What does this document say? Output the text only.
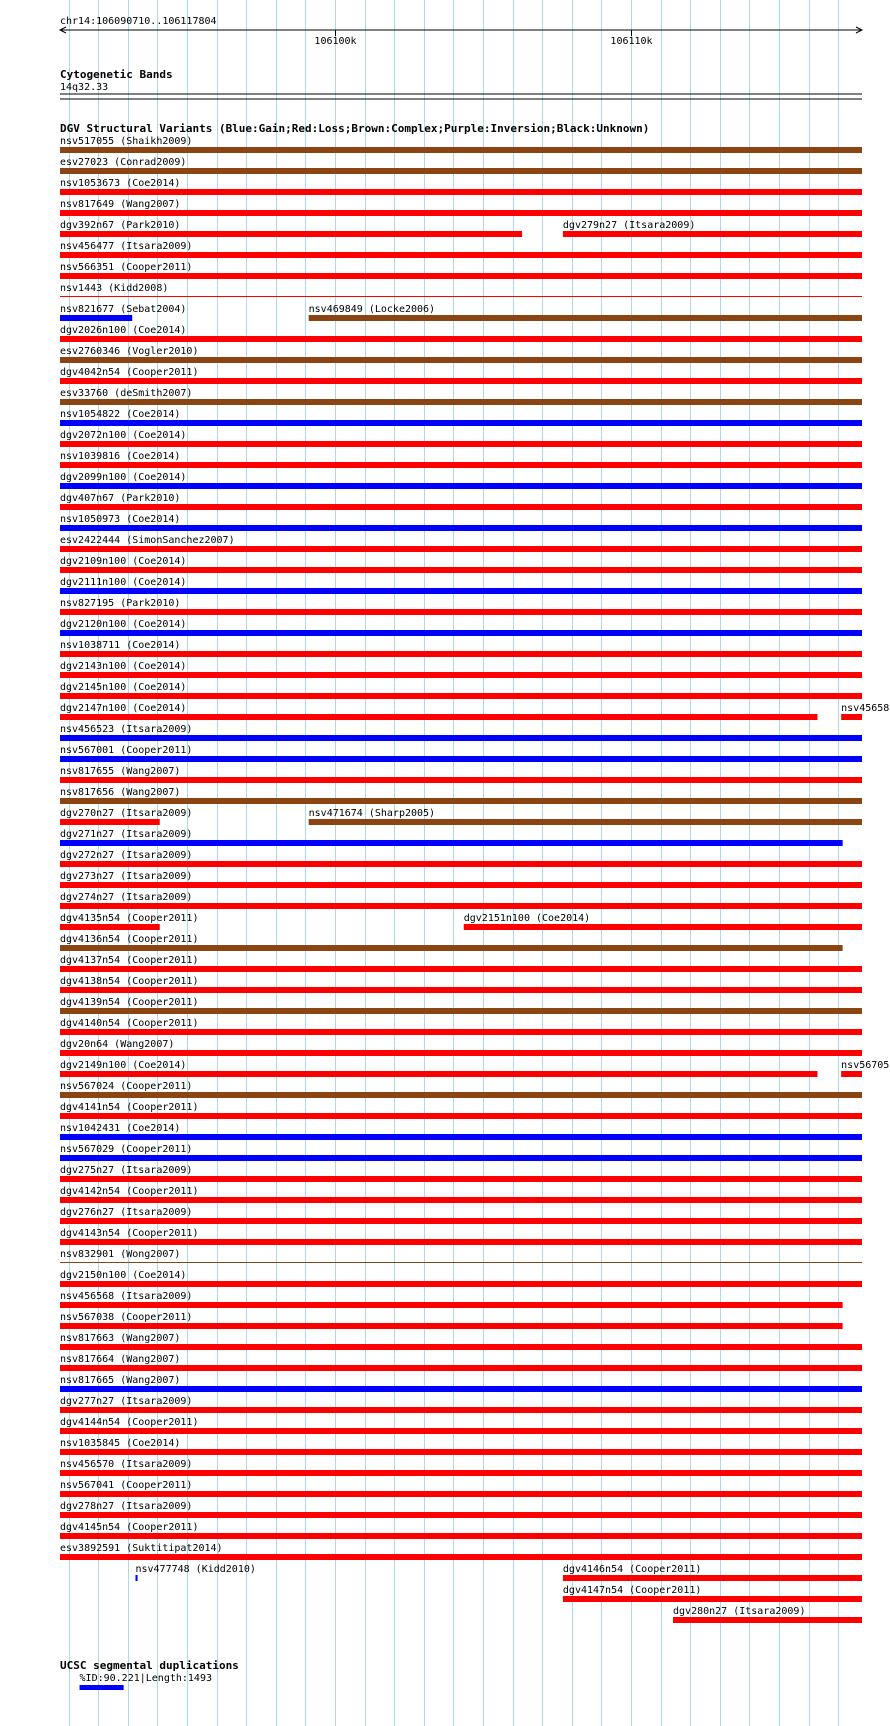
chr14:106090710..106117804
106100k	106110k
Cytogenetic Bands
14q32.33
DGV Structural Variants (Blue:Gain;Red:Loss;Brown:Complex;Purple:Inversion;Black:Unknown)
nsv517055 (Shaikh2009)
esv27023 (Conrad2009)
nsv1053673 (Coe2014)
nsv817649 (Wang2007)
dgv392n67 (Park2010)	dgv279n27 (Itsara2009)
nsv456477 (Itsara2009)
nsv566351 (Cooper2011)
nsv1443 (Kidd2008)
nsv821677 (Sebat2004)	nsv469849 (Locke2006)
dgv2026n100 (Coe2014)
esv2760346 (Vogler2010)
dgv4042n54 (Cooper2011)
esv33760 (deSmith2007)
nsv1054822 (Coe2014)
dgv2072n100 (Coe2014)
nsv1039816 (Coe2014)
dgv2099n100 (Coe2014)
dgv407n67 (Park2010)
nsv1050973 (Coe2014)
esv2422444 (SimonSanchez2007)
dgv2109n100 (Coe2014)
dgv2111n100 (Coe2014)
nsv827195 (Park2010)
dgv2120n100 (Coe2014)
nsv1038711 (Coe2014)
dgv2143n100 (Coe2014)
dgv2145n100 (Coe2014)
dgv2147n100 (Coe2014)	nsv45658
nsv456523 (Itsara2009)
nsv567001 (Cooper2011)
nsv817655 (Wang2007)
nsv817656 (Wang2007)
dgv270n27 (Itsara2009)	nsv471674 (Sharp2005)
dgv271n27 (Itsara2009)
dgv272n27 (Itsara2009)
dgv273n27 (Itsara2009)
dgv274n27 (Itsara2009)
dgv4135n54 (Cooper2011)	dgv2151n100 (Coe2014)
dgv4136n54 (Cooper2011)
dgv4137n54 (Cooper2011)
dgv4138n54 (Cooper2011)
dgv4139n54 (Cooper2011)
dgv4140n54 (Cooper2011)
dgv20n64 (Wang2007)
dgv2149n100 (Coe2014)	nsv56705
nsv567024 (Cooper2011)
dgv4141n54 (Cooper2011)
nsv1042431 (Coe2014)
nsv567029 (Cooper2011)
dgv275n27 (Itsara2009)
dgv4142n54 (Cooper2011)
dgv276n27 (Itsara2009)
dgv4143n54 (Cooper2011)
nsv832901 (Wong2007)
dgv2150n100 (Coe2014)
nsv456568 (Itsara2009)
nsv567038 (Cooper2011)
nsv817663 (Wang2007)
nsv817664 (Wang2007)
nsv817665 (Wang2007)
dgv277n27 (Itsara2009)
dgv4144n54 (Cooper2011)
nsv1035845 (Coe2014)
nsv456570 (Itsara2009)
nsv567041 (Cooper2011)
dgv278n27 (Itsara2009)
dgv4145n54 (Cooper2011)
esv3892591 (Suktitipat2014)
nsv477748 (Kidd2010)	dgv4146n54 (Cooper2011)
dgv4147n54 (Cooper2011)
dgv280n27 (Itsara2009)
UCSC segmental duplications
%ID:90.221|Length:1493
